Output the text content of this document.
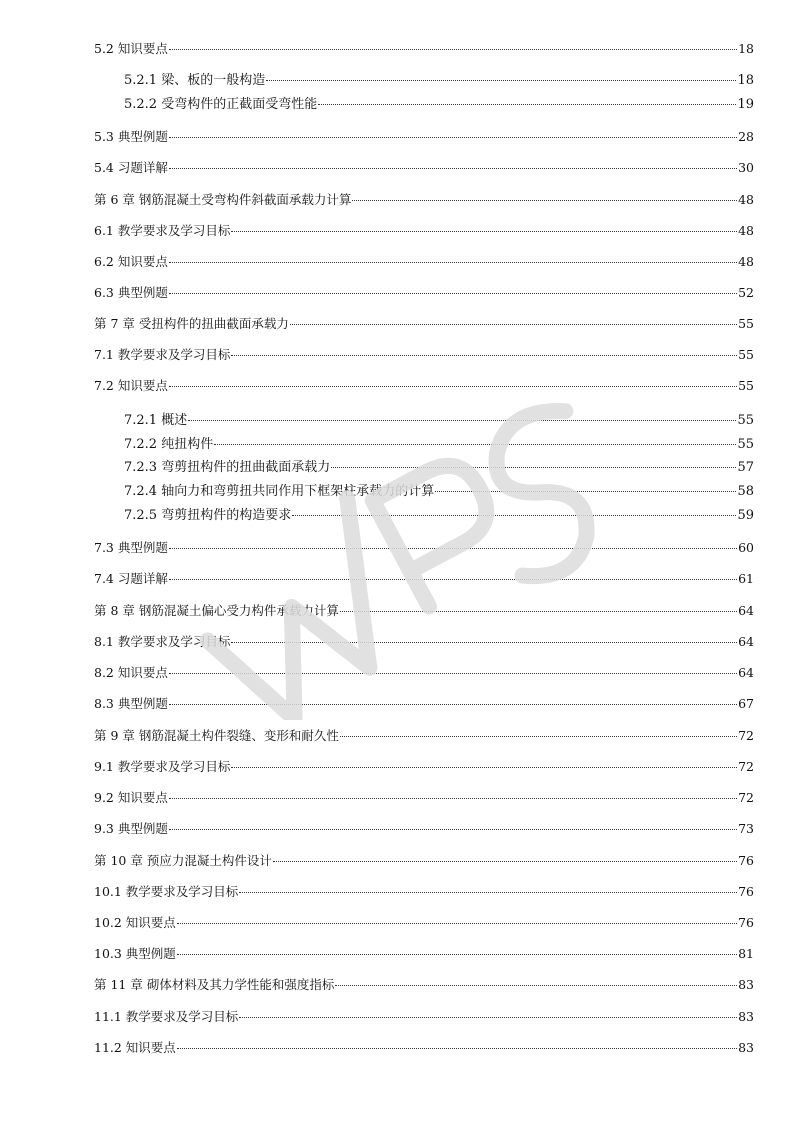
5.2 知识要点	18
5.2.1 梁、板的一般构造	18
5.2.2 受弯构件的正截面受弯性能	19
5.3 典型例题	28
5.4 习题详解	30
第 6 章 钢筋混凝土受弯构件斜截面承载力计算	48
6.1 教学要求及学习目标	48
6.2 知识要点	48
6.3 典型例题	52
第 7 章 受扭构件的扭曲截面承载力	55
7.1 教学要求及学习目标	55
7.2 知识要点	55
7.2.1 概述	55
7.2.2 纯扭构件	55
7.2.3 弯剪扭构件的扭曲截面承载力	57
7.2.4 轴向力和弯剪扭共同作用下框架柱承载力的计算	58
7.2.5 弯剪扭构件的构造要求	59
7.3 典型例题	60
7.4 习题详解	61
第 8 章 钢筋混凝土偏心受力构件承载力计算	64
8.1 教学要求及学习目标	64
8.2 知识要点	64
8.3 典型例题	67
第 9 章 钢筋混凝土构件裂缝、变形和耐久性	72
9.1 教学要求及学习目标	72
9.2 知识要点	72
9.3 典型例题	73
第 10 章 预应力混凝土构件设计	76
10.1 教学要求及学习目标	76
10.2 知识要点	76
10.3 典型例题	81
第 11 章 砌体材料及其力学性能和强度指标	83
11.1 教学要求及学习目标	83
11.2 知识要点	83
